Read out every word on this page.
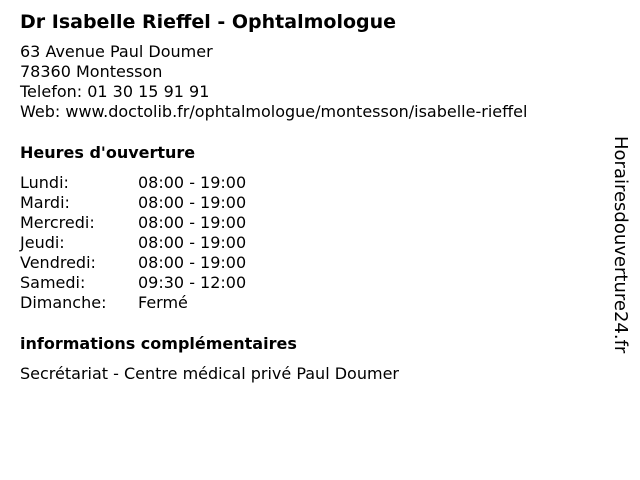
Dr Isabelle Rieffel - Ophtalmologue
63 Avenue Paul Doumer
78360 Montesson
Telefon: 01 30 15 91 91
Web: www.doctolib.fr/ophtalmologue/montesson/isabelle-rieffel
Heures d'ouverture
Lundi:	08:00 - 19:00
Mardi:	08:00 - 19:00
Mercredi:	08:00 - 19:00
Jeudi:	08:00 - 19:00
Vendredi:	08:00 - 19:00
Samedi:	09:30 - 12:00
Dimanche:	Fermé
informations complémentaires
Secrétariat - Centre médical privé Paul Doumer
Horairesdouverture24.fr
